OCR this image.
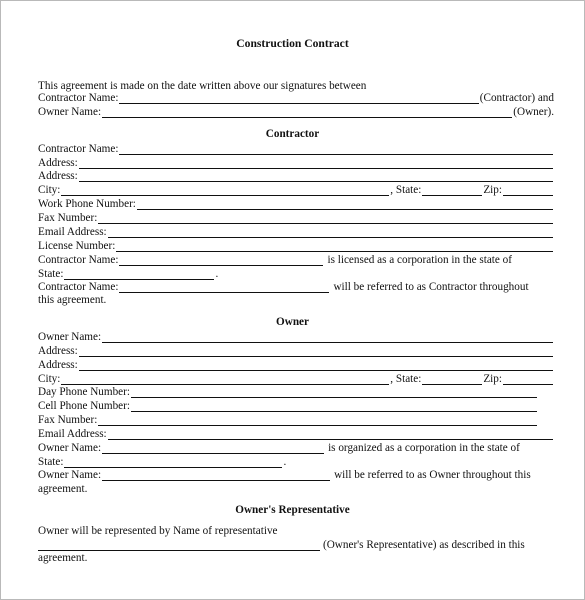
Construction Contract
This agreement is made on the date written above our signatures between
Contractor Name:	(Contractor) and
Owner Name:	(Owner).
Contractor
Contractor Name:
Address:
Address:
City:	, State:	Zip:
Work Phone Number:
Fax Number:
Email Address:
License Number:
Contractor Name:	is licensed as a corporation in the state of
State:	.
Contractor Name:	will be referred to as Contractor throughout
this agreement.
Owner
Owner Name:
Address:
Address:
City:	, State:	Zip:
Day Phone Number:
Cell Phone Number:
Fax Number:
Email Address:
Owner Name:	is organized as a corporation in the state of
State:	.
Owner Name:	will be referred to as Owner throughout this
agreement.
Owner's Representative
Owner will be represented by Name of representative
(Owner's Representative) as described in this
agreement.
